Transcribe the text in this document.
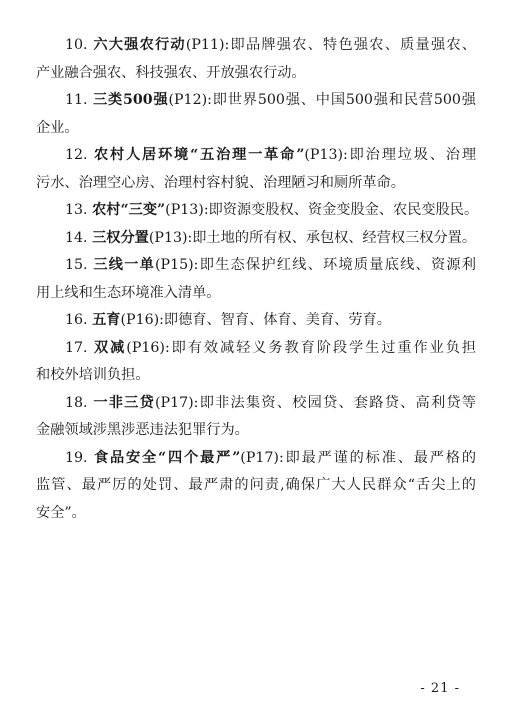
10. 六大强农行动(P11):即品牌强农、特色强农、质量强农、
产业融合强农、科技强农、开放强农行动。

11. 三类500强(P12):即世界500强、中国500强和民营500强
企业。

12. 农村人居环境“五治理一革命”(P13):即治理垃圾、治理
污水、治理空心房、治理村容村貌、治理陋习和厕所革命。

13. 农村“三变”(P13):即资源变股权、资金变股金、农民变股民。

14. 三权分置(P13):即土地的所有权、承包权、经营权三权分置。

15. 三线一单(P15):即生态保护红线、环境质量底线、资源利
用上线和生态环境准入清单。

16. 五育(P16):即德育、智育、体育、美育、劳育。

17. 双减(P16):即有效减轻义务教育阶段学生过重作业负担
和校外培训负担。

18. 一非三贷(P17):即非法集资、校园贷、套路贷、高利贷等
金融领域涉黑涉恶违法犯罪行为。

19. 食品安全“四个最严”(P17):即最严谨的标准、最严格的
监管、最严厉的处罚、最严肃的问责,确保广大人民群众“舌尖上的
安全”。

- 21 -
